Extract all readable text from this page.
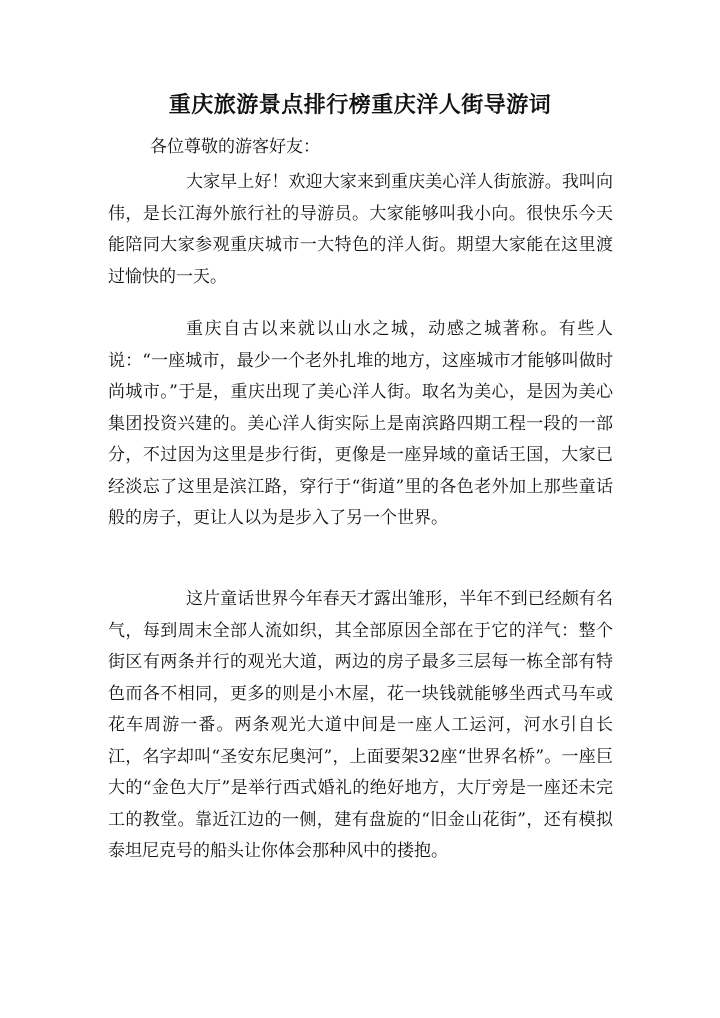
重庆旅游景点排行榜重庆洋人街导游词
各位尊敬的游客好友：

大家早上好！欢迎大家来到重庆美心洋人街旅游。我叫向伟，是长江海外旅行社的导游员。大家能够叫我小向。很快乐今天能陪同大家参观重庆城市一大特色的洋人街。期望大家能在这里渡过愉快的一天。

重庆自古以来就以山水之城，动感之城著称。有些人说：“一座城市，最少一个老外扎堆的地方，这座城市才能够叫做时尚城市。”于是，重庆出现了美心洋人街。取名为美心，是因为美心集团投资兴建的。美心洋人街实际上是南滨路四期工程一段的一部分，不过因为这里是步行街，更像是一座异域的童话王国，大家已经淡忘了这里是滨江路，穿行于“街道”里的各色老外加上那些童话般的房子，更让人以为是步入了另一个世界。

这片童话世界今年春天才露出雏形，半年不到已经颇有名气，每到周末全部人流如织，其全部原因全部在于它的洋气：整个街区有两条并行的观光大道，两边的房子最多三层每一栋全部有特色而各不相同，更多的则是小木屋，花一块钱就能够坐西式马车或花车周游一番。两条观光大道中间是一座人工运河，河水引自长江，名字却叫“圣安东尼奥河”，上面要架32座“世界名桥”。一座巨大的“金色大厅”是举行西式婚礼的绝好地方，大厅旁是一座还未完工的教堂。靠近江边的一侧，建有盘旋的“旧金山花街”，还有模拟泰坦尼克号的船头让你体会那种风中的搂抱。
